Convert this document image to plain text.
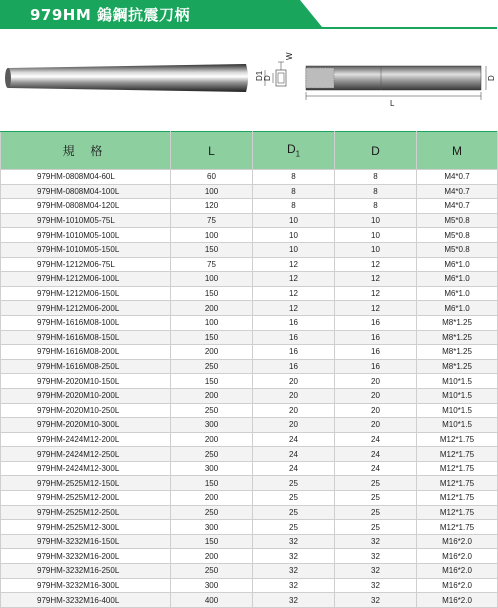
979HM 鎢鋼抗震刀柄
W
D1 D	D
L
規 格	L	$D_1$	D	M
979HM-0808M04-60L	60	8	8	M4*0.7
979HM-0808M04-100L	100	8	8	M4*0.7
979HM-0808M04-120L	120	8	8	M4*0.7
979HM-1010M05-75L	75	10	10	M5*0.8
979HM-1010M05-100L	100	10	10	M5*0.8
979HM-1010M05-150L	150	10	10	M5*0.8
979HM-1212M06-75L	75	12	12	M6*1.0
979HM-1212M06-100L	100	12	12	M6*1.0
979HM-1212M06-150L	150	12	12	M6*1.0
979HM-1212M06-200L	200	12	12	M6*1.0
979HM-1616M08-100L	100	16	16	M8*1.25
979HM-1616M08-150L	150	16	16	M8*1.25
979HM-1616M08-200L	200	16	16	M8*1.25
979HM-1616M08-250L	250	16	16	M8*1.25
979HM-2020M10-150L	150	20	20	M10*1.5
979HM-2020M10-200L	200	20	20	M10*1.5
979HM-2020M10-250L	250	20	20	M10*1.5
979HM-2020M10-300L	300	20	20	M10*1.5
979HM-2424M12-200L	200	24	24	M12*1.75
979HM-2424M12-250L	250	24	24	M12*1.75
979HM-2424M12-300L	300	24	24	M12*1.75
979HM-2525M12-150L	150	25	25	M12*1.75
979HM-2525M12-200L	200	25	25	M12*1.75
979HM-2525M12-250L	250	25	25	M12*1.75
979HM-2525M12-300L	300	25	25	M12*1.75
979HM-3232M16-150L	150	32	32	M16*2.0
979HM-3232M16-200L	200	32	32	M16*2.0
979HM-3232M16-250L	250	32	32	M16*2.0
979HM-3232M16-300L	300	32	32	M16*2.0
979HM-3232M16-400L	400	32	32	M16*2.0
